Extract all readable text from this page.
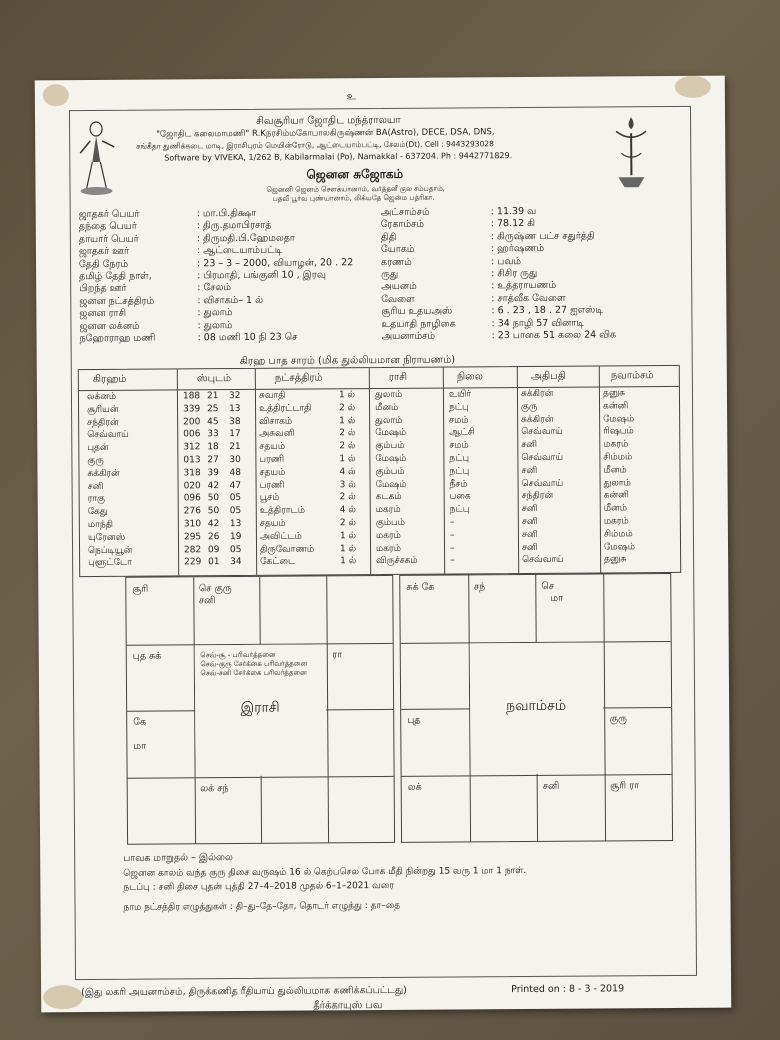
உ
சிவசூரியா ஜோதிட மந்த்ராலயா
"ஜோதிட கலைமாமணி" R.Kநரசிம்மகோபாலகிருஷ்ணன் BA(Astro), DECE, DSA, DNS,
சங்கீதா துணிக்கடை மாடி, இராசிபுரம் மெயின்ரோடு, ஆட்டையாம்பட்டி, சேலம்(Dt). Cell : 9443293028
Software by VIVEKA, 1/262 B, Kabilarmalai (Po), Namakkal - 637204. Ph : 9442771829.
ஜெனன சுஜோகம்
ஜெனனி ஜெனம் சௌக்யானாம், வர்த்தனீ குல சம்பதாம்,
பதவீ பூர்வ புண்யானாம், லிக்யதே ஜென்ம பத்ரிகா.
ஜாதகர் பெயர்	: மா.பி.திக்ஷா
தந்தை பெயர்	: திரு.தமாபிரசாத்
தாயார் பெயர்	: திருமதி.பி.ஹேமலதா
ஜாதகர் ஊர்	: ஆட்டையாம்பட்டி
தேதி நேரம்	: 23 – 3 – 2000, வியாழன், 20 . 22
தமிழ் தேதி நாள்,	: பிரமாதி, பங்குனி 10 , இரவு
பிறந்த ஊர்	: சேலம்
ஜனன நட்சத்திரம்	: விசாகம்– 1 ல்
ஜனன ராசி	: துலாம்
ஜனன லக்னம்	: துலாம்
நஹோராஹ மணி	: 08 மணி 10 நி 23 செ
அட்சாம்சம்	: 11.39 வ
ரேகாம்சம்	: 78.12 கி
திதி	: கிருஷ்ண பட்ச சதுர்த்தி
யோகம்	: ஹர்ஷணம்
கரணம்	: பவம்
ருது	: சிசிர ருது
அயனம்	: உத்தராயணம்
வேளை	: சாத்வீக வேளை
சூரிய உதயஅஸ்	: 6 . 23 , 18 . 27 ஐஎஸ்டி
உதயாதி நாழிகை	: 34 நாழி 57 வினாடி
அயனாம்சம்	: 23 பாகை 51 கலை 24 விக
கிரஹ பாத சாரம் (மிக துல்லியமான நிராயணம்)
கிரஹம்	ஸ்புடம்	நட்சத்திரம்	ராசி	நிலை	அதிபதி	நவாம்சம்
லக்னம்	188 21 32 சுவாதி	1 ல் துலாம்	உயிர்	சுக்கிரன்	தனுசு
சூரியன்	339 25 13 உத்திரட்டாதி	2 ல் மீனம்	நட்பு	குரு	கன்னி
சந்திரன்	200 45 38 விசாகம்	1 ல் துலாம்	சமம்	சுக்கிரன்	மேஷம்
செவ்வாய்	006 33 17 அசுவனி	2 ல் மேஷம்	ஆட்சி	செவ்வாய்	ரிஷபம்
புதன்	312 18 21 சதயம்	2 ல் கும்பம்	சமம்	சனி	மகரம்
குரு	013 27 30 பரணி	1 ல் மேஷம்	நட்பு	செவ்வாய்	சிம்மம்
சுக்கிரன்	318 39 48 சதயம்	4 ல் கும்பம்	நட்பு	சனி	மீனம்
சனி	020 42 47 பரணி	3 ல் மேஷம்	நீசம்	செவ்வாய்	துலாம்
ராகு	096 50 05 பூசம்	2 ல் கடகம்	பகை	சந்திரன்	கன்னி
கேது	276 50 05 உத்திராடம்	4 ல் மகரம்	நட்பு	சனி	மீனம்
மாந்தி	310 42 13 சதயம்	2 ல் கும்பம்	–	சனி	மகரம்
யுரேனஸ்	295 26 19 அவிட்டம்	1 ல் மகரம்	–	சனி	சிம்மம்
நெப்டியூன்	282 09 05 திருவோணம்	1 ல் மகரம்	–	சனி	மேஷம்
புளூட்டோ	229 01 34 கேட்டை	1 ல் விருச்சகம்	–	செவ்வாய்	தனுசு
இராசி
செவ்-சூ - பரிவர்த்தனை
செவ்-குரு சேர்க்கை பரிவர்த்தனை
செவ்-சனி சேர்க்கை பரிவர்த்தனை
சூரி	செ குரு
சனி
புத சுக்	ரா
கே

மா
லக் சந்
நவாம்சம்
சுக் கே	சந்	செ
மா
புத	குரு
லக்	சனி	சூரி ரா
பாவக மாறுதல் – இல்லை
ஜெனன காலம் வந்த குரு திசை வருஷம் 16 ல் கெற்பசெல போக மீதி நின்றது 15 வரு 1 மா 1 நாள்.
நடப்பு : சனி திசை புதன் புத்தி 27–4–2018 முதல் 6–1–2021 வரை
நாம நட்சத்திர எழுத்துகள் : தி–து–தே–தோ, தொடர் எழுத்து : தா–தை
(இது லகரி அயனாம்சம், திருக்கணித ரீதியாய் துல்லியமாக கணிக்கப்பட்டது)	Printed on : 8 - 3 - 2019
தீர்க்காயுஸ் பவ
